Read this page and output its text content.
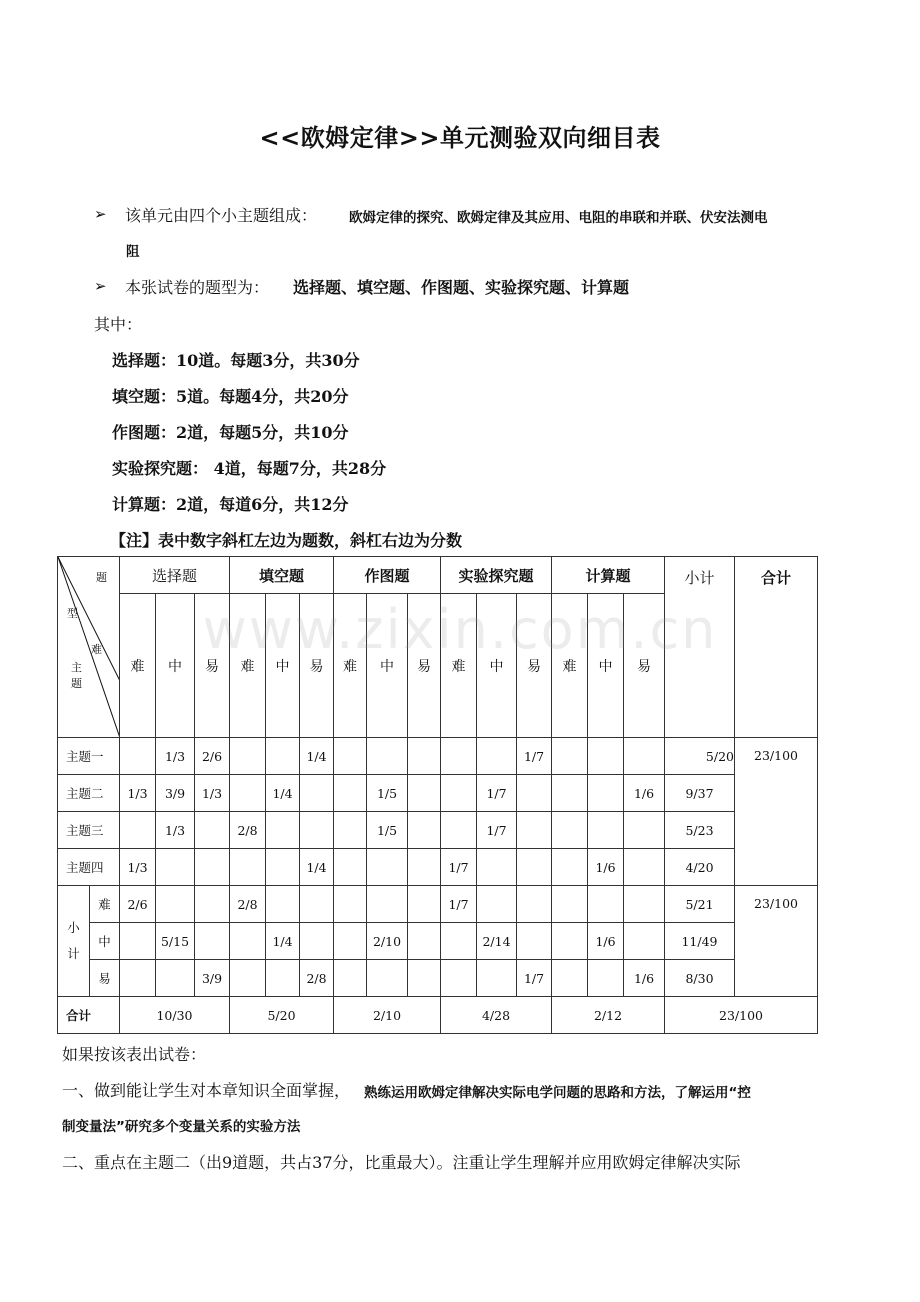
<<欧姆定律>>单元测验双向细目表
➢ 该单元由四个小主题组成： 欧姆定律的探究、欧姆定律及其应用、电阻的串联和并联、伏安法测电
阻
➢ 本张试卷的题型为： 选择题、填空题、作图题、实验探究题、计算题
其中：
选择题：10道。每题3分，共30分
填空题：5道。每题4分，共20分
作图题：2道，每题5分，共10分
实验探究题： 4道，每题7分，共28分
计算题：2道，每道6分，共12分
【注】表中数字斜杠左边为题数，斜杠右边为分数
题
型
难
主
题		选择题			填空题			作图题			实验探究题			计算题			小计	合计
		难	中	易	难	中	易	难	中	易	难	中	易	难	中	易		
主题一			1/3	2/6			1/4						1/7				5/20	23/100
主题二		1/3	3/9	1/3		1/4			1/5			1/7				1/6	9/37	
主题三			1/3		2/8				1/5			1/7					5/23	
主题四		1/3					1/4				1/7				1/6		4/20	
小
计	难	2/6			2/8						1/7						5/21	23/100
	中		5/15			1/4			2/10			2/14			1/6		11/49	
	易			3/9			2/8						1/7			1/6	8/30	
合计		10/30			5/20			2/10			4/28			2/12			23/100	
www.zixin.com.cn
如果按该表出试卷：
一、做到能让学生对本章知识全面掌握， 熟练运用欧姆定律解决实际电学问题的思路和方法，了解运用“控
制变量法”研究多个变量关系的实验方法
二、重点在主题二（出9道题，共占37分，比重最大）。注重让学生理解并应用欧姆定律解决实际
